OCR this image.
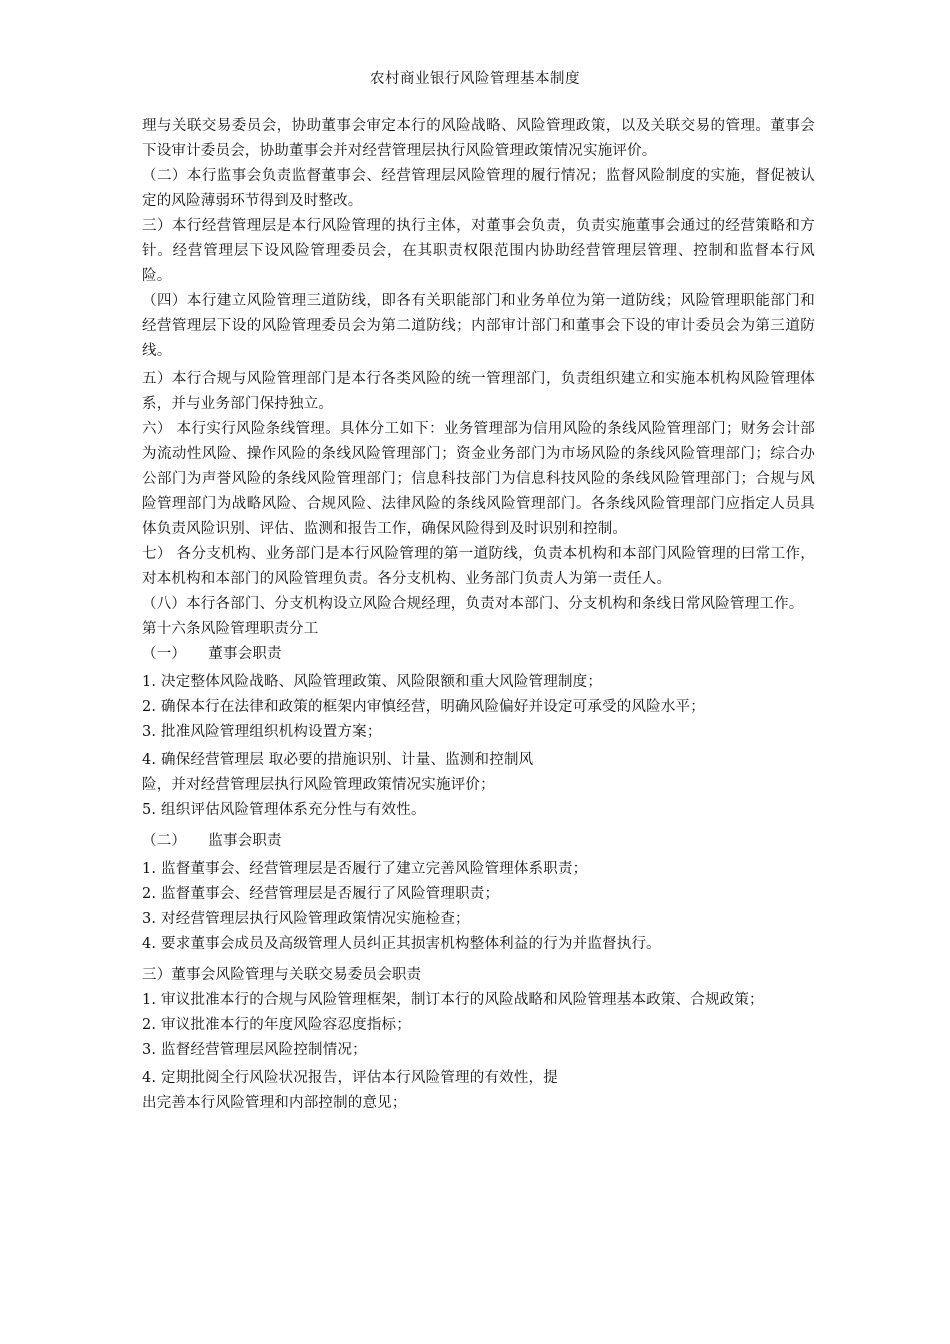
农村商业银行风险管理基本制度

理与关联交易委员会，协助董事会审定本行的风险战略、风险管理政策，以及关联交易的管理。董事会下设审计委员会，协助董事会并对经营管理层执行风险管理政策情况实施评价。

（二）本行监事会负责监督董事会、经营管理层风险管理的履行情况；监督风险制度的实施，督促被认定的风险薄弱环节得到及时整改。

三）本行经营管理层是本行风险管理的执行主体，对董事会负责，负责实施董事会通过的经营策略和方针。经营管理层下设风险管理委员会，在其职责权限范围内协助经营管理层管理、控制和监督本行风险。

（四）本行建立风险管理三道防线，即各有关职能部门和业务单位为第一道防线；风险管理职能部门和经营管理层下设的风险管理委员会为第二道防线；内部审计部门和董事会下设的审计委员会为第三道防线。

五）本行合规与风险管理部门是本行各类风险的统一管理部门，负责组织建立和实施本机构风险管理体系，并与业务部门保持独立。

六） 本行实行风险条线管理。具体分工如下：业务管理部为信用风险的条线风险管理部门；财务会计部为流动性风险、操作风险的条线风险管理部门；资金业务部门为市场风险的条线风险管理部门；综合办公部门为声誉风险的条线风险管理部门；信息科技部门为信息科技风险的条线风险管理部门；合规与风险管理部门为战略风险、合规风险、法律风险的条线风险管理部门。各条线风险管理部门应指定人员具体负责风险识别、评估、监测和报告工作，确保风险得到及时识别和控制。

七） 各分支机构、业务部门是本行风险管理的第一道防线，负责本机构和本部门风险管理的曰常工作，对本机构和本部门的风险管理负责。各分支机构、业务部门负责人为第一责任人。

（八）本行各部门、分支机构设立风险合规经理，负责对本部门、分支机构和条线日常风险管理工作。

第十六条风险管理职责分工

（一）　　董事会职责

1. 决定整体风险战略、风险管理政策、风险限额和重大风险管理制度；

2. 确保本行在法律和政策的框架内审慎经营，明确风险偏好并设定可承受的风险水平；

3. 批准风险管理组织机构设置方案；

4. 确保经营管理层 取必要的措施识别、计量、监测和控制风

险，并对经营管理层执行风险管理政策情况实施评价；

5. 组织评估风险管理体系充分性与有效性。

（二）　　监事会职责

1. 监督董事会、经营管理层是否履行了建立完善风险管理体系职责；

2. 监督董事会、经营管理层是否履行了风险管理职责；

3. 对经营管理层执行风险管理政策情况实施检查；

4. 要求董事会成员及高级管理人员纠正其损害机构整体利益的行为并监督执行。

三）董事会风险管理与关联交易委员会职责

1. 审议批准本行的合规与风险管理框架，制订本行的风险战略和风险管理基本政策、合规政策；

2. 审议批准本行的年度风险容忍度指标；

3. 监督经营管理层风险控制情况；

4. 定期批阅全行风险状况报告，评估本行风险管理的有效性，提

出完善本行风险管理和内部控制的意见；
